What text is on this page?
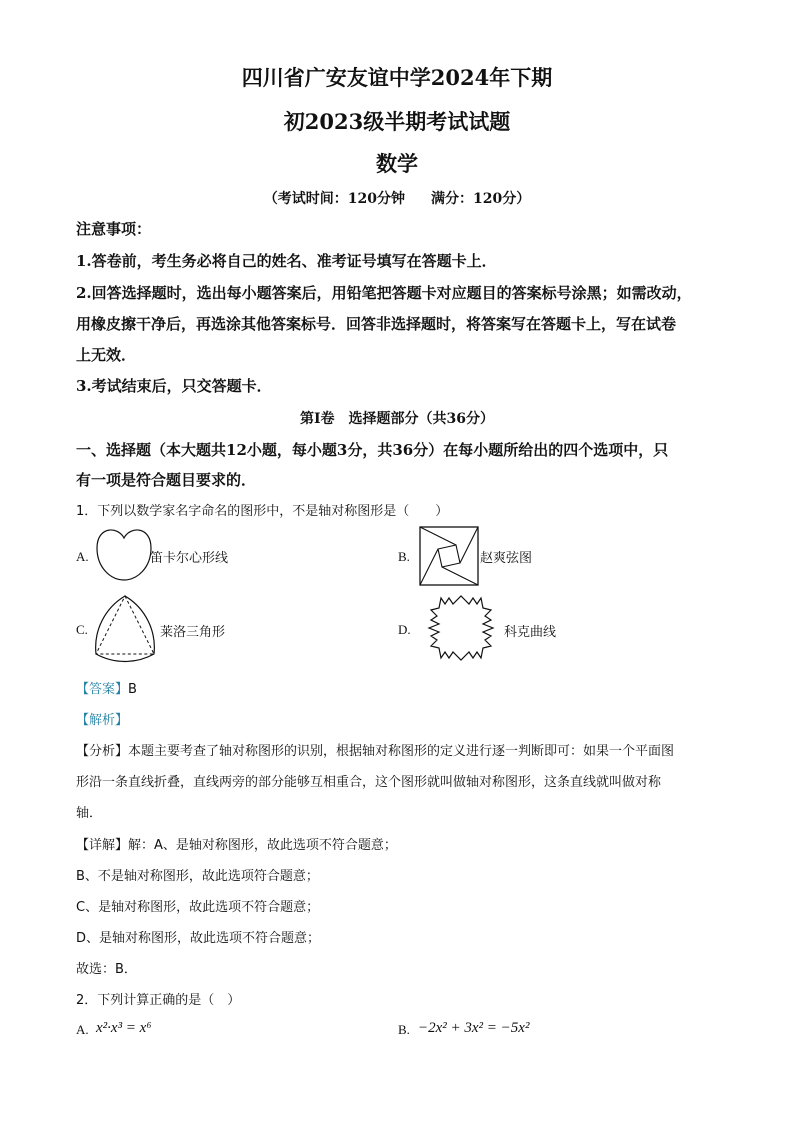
四川省广安友谊中学2024年下期
初2023级半期考试试题
数学
（考试时间：120分钟 满分：120分）
注意事项：
1.答卷前，考生务必将自己的姓名、准考证号填写在答题卡上．
2.回答选择题时，选出每小题答案后，用铅笔把答题卡对应题目的答案标号涂黑；如需改动，
用橡皮擦干净后，再选涂其他答案标号．回答非选择题时，将答案写在答题卡上，写在试卷
上无效．
3.考试结束后，只交答题卡．
第Ⅰ卷　选择题部分（共36分）
一、选择题（本大题共12小题，每小题3分，共36分）在每小题所给出的四个选项中，只
有一项是符合题目要求的．
1．下列以数学家名字命名的图形中，不是轴对称图形是（　　）
A.	笛卡尔心形线	B.	赵爽弦图
C.	莱洛三角形	D.	科克曲线
【答案】B
【解析】
【分析】本题主要考查了轴对称图形的识别，根据轴对称图形的定义进行逐一判断即可：如果一个平面图
形沿一条直线折叠，直线两旁的部分能够互相重合，这个图形就叫做轴对称图形，这条直线就叫做对称
轴．
【详解】解：A、是轴对称图形，故此选项不符合题意；
B、不是轴对称图形，故此选项符合题意；
C、是轴对称图形，故此选项不符合题意；
D、是轴对称图形，故此选项不符合题意；
故选：B．
2．下列计算正确的是（　）
A. x²·x³ = x⁶	B. −2x² + 3x² = −5x²
